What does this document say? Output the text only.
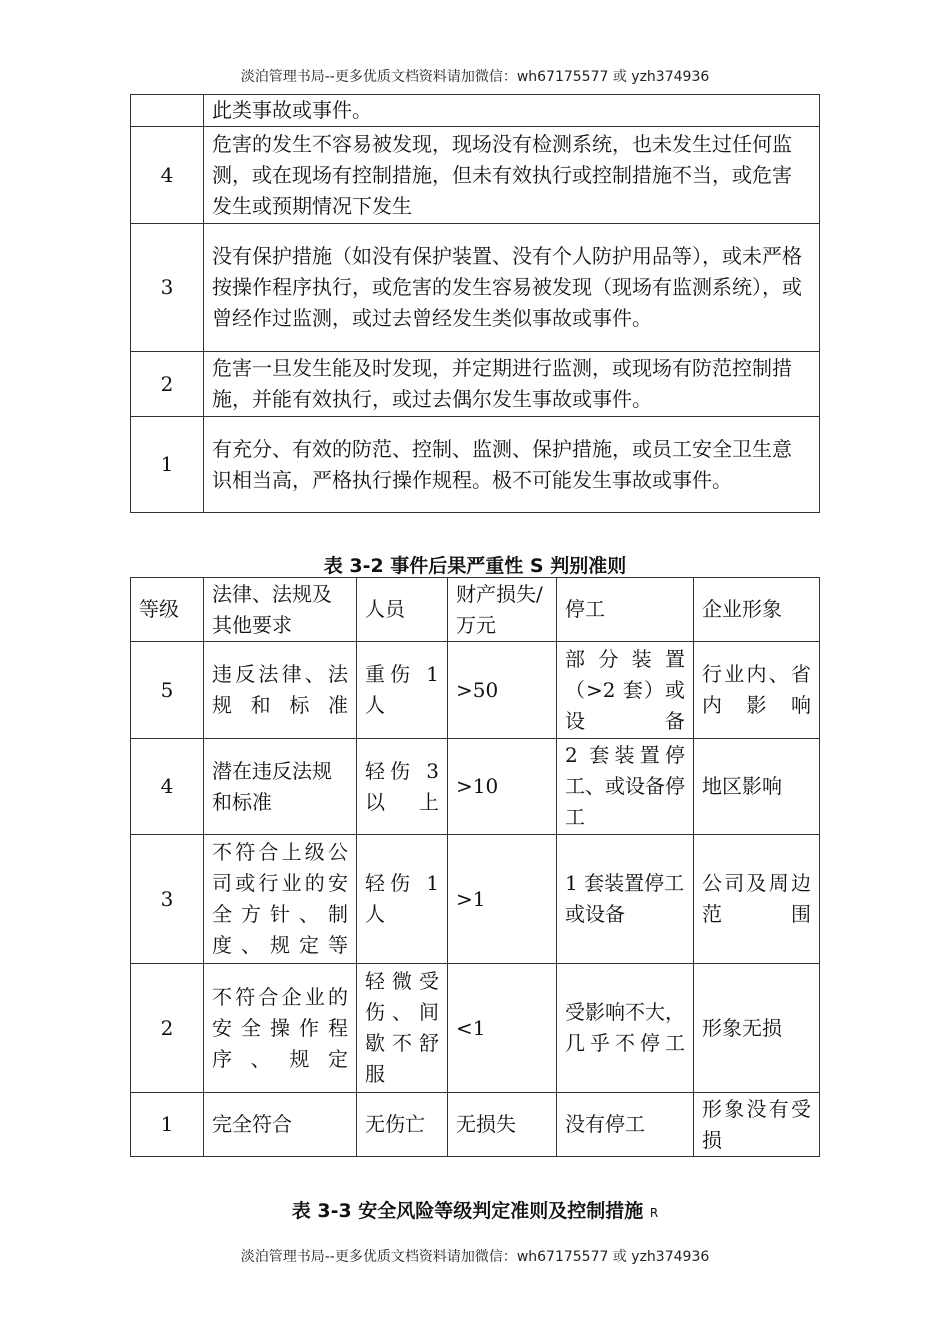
淡泊管理书局--更多优质文档资料请加微信：wh67175577 或 yzh374936
	此类事故或事件。
4	危害的发生不容易被发现，现场没有检测系统，也未发生过任何监测，或在现场有控制措施，但未有效执行或控制措施不当，或危害发生或预期情况下发生
3	没有保护措施（如没有保护装置、没有个人防护用品等），或未严格按操作程序执行，或危害的发生容易被发现（现场有监测系统），或曾经作过监测，或过去曾经发生类似事故或事件。
2	危害一旦发生能及时发现，并定期进行监测，或现场有防范控制措施，并能有效执行，或过去偶尔发生事故或事件。
1	有充分、有效的防范、控制、监测、保护措施，或员工安全卫生意识相当高，严格执行操作规程。极不可能发生事故或事件。
表 3-2 事件后果严重性 S 判别准则
等级	法律、法规及其他要求	人员	财产损失/万元	停工	企业形象
5	违反法律、法规和标准	重伤 1 人	>50	部分装置（>2 套）或设备	行业内、省内影响
4	潜在违反法规和标准	轻伤 3 以上	>10	2 套装置停工、或设备停工	地区影响
3	不符合上级公司或行业的安全方针、制度、规定等	轻伤 1 人	>1	1 套装置停工或设备	公司及周边范围
2	不符合企业的安全操作程序、规定	轻微受伤、间歇不舒服	<1	受影响不大，几乎不停工	形象无损
1	完全符合	无伤亡	无损失	没有停工	形象没有受损
表 3-3 安全风险等级判定准则及控制措施 R
淡泊管理书局--更多优质文档资料请加微信：wh67175577 或 yzh374936
